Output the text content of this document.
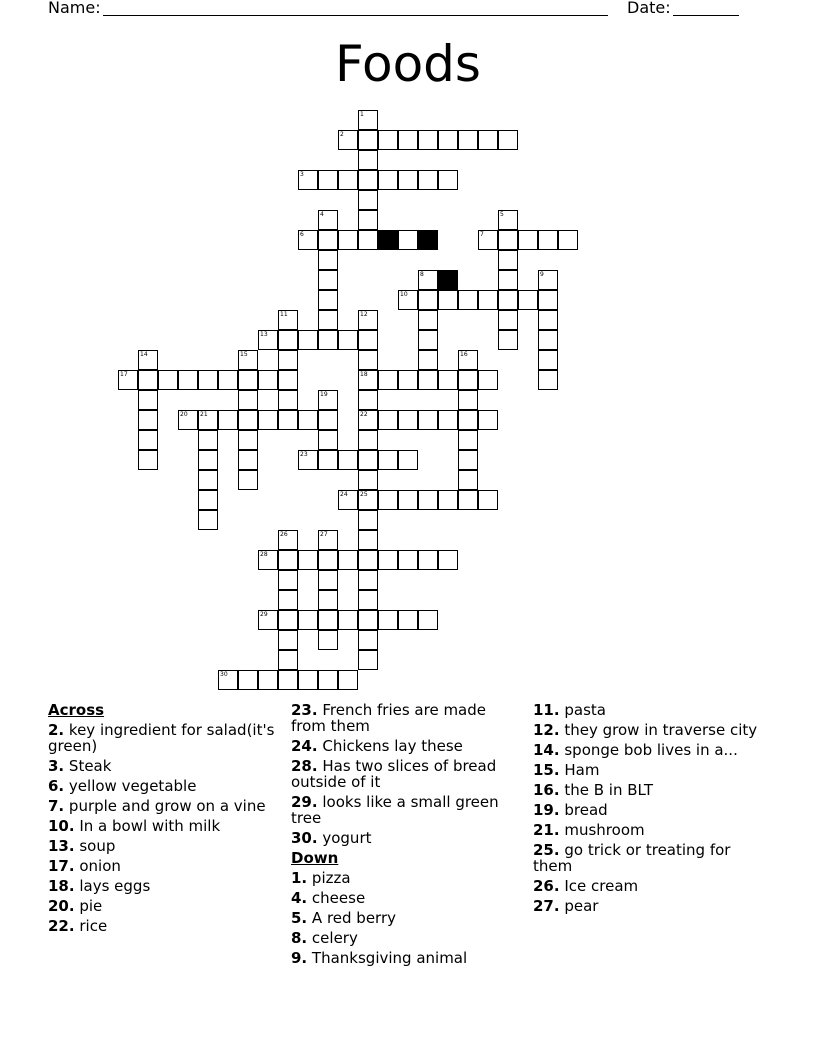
Name:	Date:
Foods
2
3
6	7
10
13
17	18
20 21	22
23
24 25
28
29
30
1
4	5
8	9
11	12
14	15	16
19
26	27
Across
2. key ingredient for salad(it's green)
3. Steak
6. yellow vegetable
7. purple and grow on a vine
10. In a bowl with milk
13. soup
17. onion
18. lays eggs
20. pie
22. rice
23. French fries are made from them
24. Chickens lay these
28. Has two slices of bread outside of it
29. looks like a small green tree
30. yogurt
Down
1. pizza
4. cheese
5. A red berry
8. celery
9. Thanksgiving animal
11. pasta
12. they grow in traverse city
14. sponge bob lives in a...
15. Ham
16. the B in BLT
19. bread
21. mushroom
25. go trick or treating for them
26. Ice cream
27. pear
